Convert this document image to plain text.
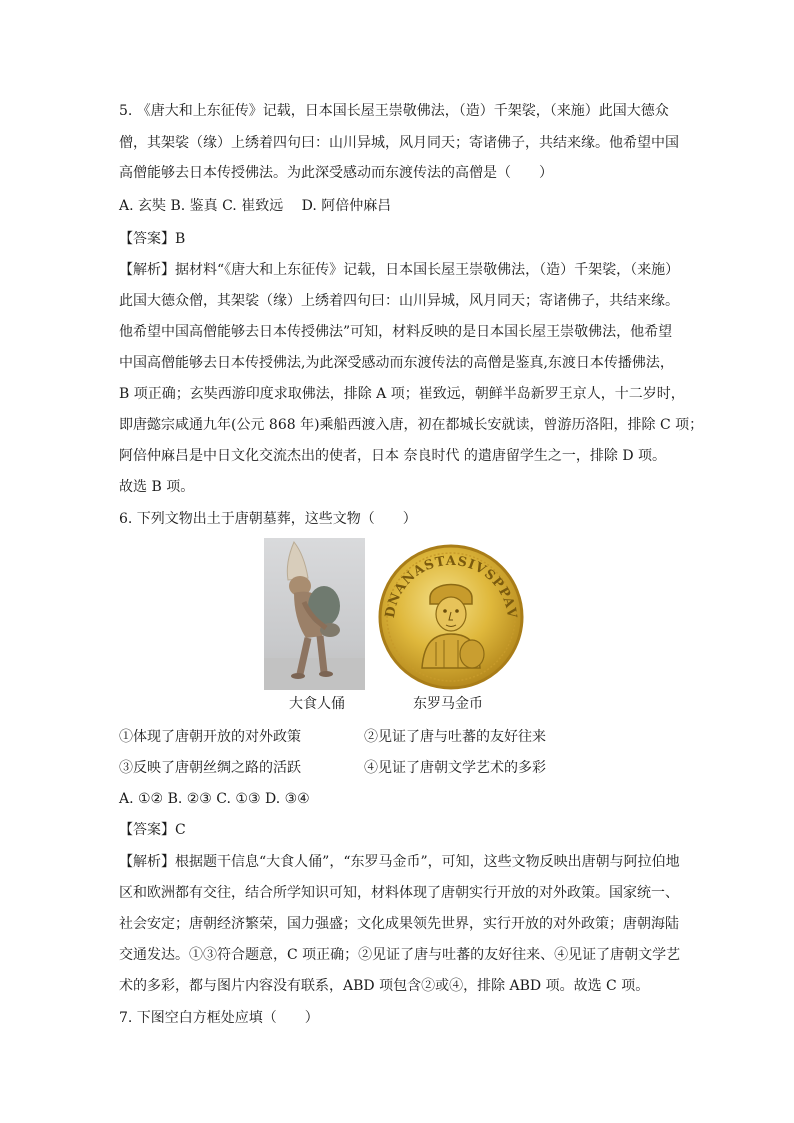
5. 《唐大和上东征传》记载，日本国长屋王崇敬佛法，（造）千架裟，（来施）此国大德众
僧，其架裟（缘）上绣着四句曰：山川异城，风月同天；寄诸佛子，共结来缘。他希望中国
高僧能够去日本传授佛法。为此深受感动而东渡传法的高僧是（　　）
A. 玄奘 B. 鉴真 C. 崔致远　 D. 阿倍仲麻吕
【答案】B
【解析】据材料“《唐大和上东征传》记载，日本国长屋王崇敬佛法，（造）千架裟，（来施）
此国大德众僧，其架裟（缘）上绣着四句曰：山川异城，风月同天；寄诸佛子，共结来缘。
他希望中国高僧能够去日本传授佛法”可知，材料反映的是日本国长屋王崇敬佛法，他希望
中国高僧能够去日本传授佛法,为此深受感动而东渡传法的高僧是鉴真,东渡日本传播佛法，
B 项正确；玄奘西游印度求取佛法，排除 A 项；崔致远，朝鲜半岛新罗王京人，十二岁时，
即唐懿宗咸通九年(公元 868 年)乘船西渡入唐，初在都城长安就读，曾游历洛阳，排除 C 项；
阿倍仲麻吕是中日文化交流杰出的使者，日本 奈良时代 的遣唐留学生之一，排除 D 项。
故选 B 项。
6. 下列文物出土于唐朝墓葬，这些文物（　　）
DNANASTASIVSPPAV
大食人俑	东罗马金币
①体现了唐朝开放的对外政策	②见证了唐与吐蕃的友好往来
③反映了唐朝丝绸之路的活跃	④见证了唐朝文学艺术的多彩
A. ①② B. ②③ C. ①③ D. ③④
【答案】C
【解析】根据题干信息“大食人俑”，“东罗马金币”，可知，这些文物反映出唐朝与阿拉伯地
区和欧洲都有交往，结合所学知识可知，材料体现了唐朝实行开放的对外政策。国家统一、
社会安定；唐朝经济繁荣，国力强盛；文化成果领先世界，实行开放的对外政策；唐朝海陆
交通发达。①③符合题意，C 项正确；②见证了唐与吐蕃的友好往来、④见证了唐朝文学艺
术的多彩，都与图片内容没有联系，ABD 项包含②或④，排除 ABD 项。故选 C 项。
7. 下图空白方框处应填（　　）
